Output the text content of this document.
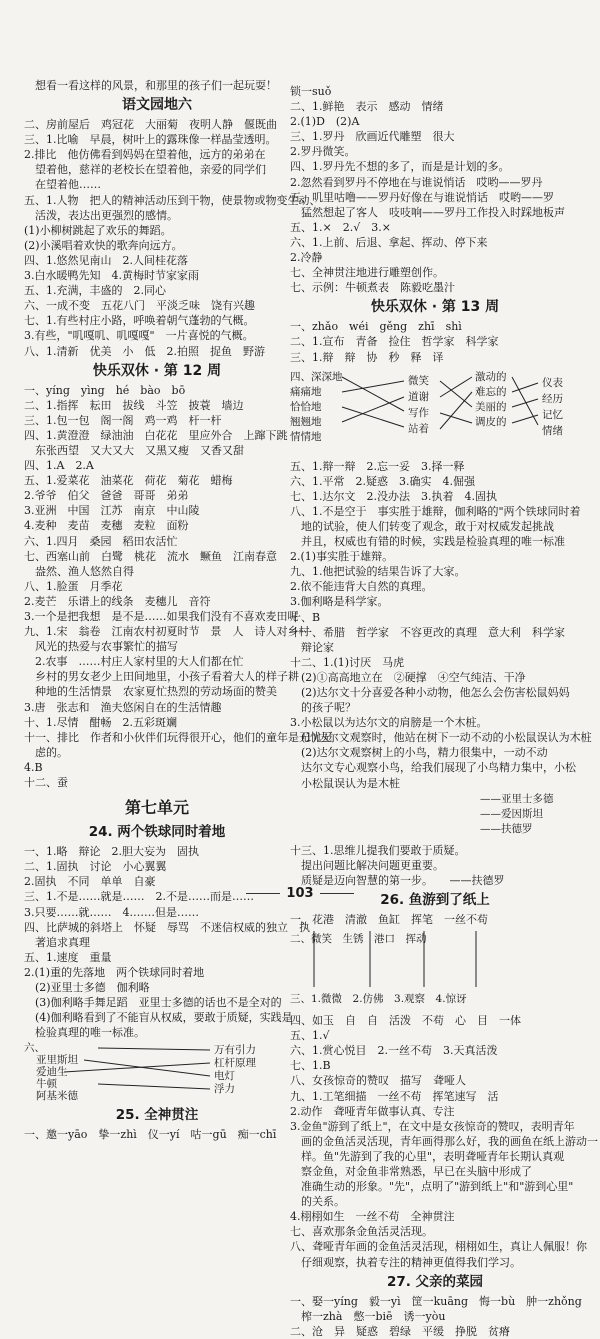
想看一看这样的风景，和那里的孩子们一起玩耍！
语文园地六
二、房前屋后　鸡冠花　大丽菊　夜明人静　偃既曲
三、1.比喻　早晨，树叶上的露珠像一样晶莹透明。
2.排比　他仿佛看到妈妈在望着他，远方的弟弟在
望着他，慈祥的老校长在望着他，亲爱的同学们
在望着他……
五、1.人物　把人的精神活动压到干物，使景物或物变生动、
活泼，表达出更强烈的感情。
(1)小柳树跳起了欢乐的舞蹈。
(2)小溪唱着欢快的歌奔向远方。
四、1.悠然见南山　2.人间桂花落
3.白水暖鸭先知　4.黄梅时节家家雨
五、1.充满，丰盛的　2.同心
六、一成不变　五花八门　平淡乏味　饶有兴趣
七、1.有些村庄小路，呼唤着朝气蓬勃的气概。
3.有些，"叽嘎叽、叽嘎嘎"　一片喜悦的气概。
八、1.清新　优美　小　低　2.拍照　捉鱼　野游
快乐双休 · 第 12 周
一、yíng　yìng　hé　bào　bō
二、1.指挥　耘田　拔线　斗笠　披蓑　墙边
三、1.包一包　阁一阁　鸡一鸡　杆一杆
四、1.黄澄澄　绿油油　白花花　里应外合　上蹿下跳
东张西望　又大又大　又黑又瘦　又香又甜
四、1.A　2.A
五、1.爱菜花　油菜花　荷花　菊花　蜡梅
2.爷爷　伯父　爸爸　哥哥　弟弟
3.亚洲　中国　江苏　南京　中山陵
4.麦种　麦苗　麦穗　麦粒　面粉
六、1.四月　桑园　稻田农活忙
七、西塞山前　白鹭　桃花　流水　鳜鱼　江南春意
盎然、渔人悠然自得
八、1.脸蛋　月季花
2.麦芒　乐谱上的线条　麦穗儿　音符
3.一个是把我想　是不是……如果我们没有不喜欢麦田呢
九、1.宋　翁卷　江南农村初夏时节　景　人　诗人对乡村
风光的热爱与农事繁忙的描写
2.农事　……村庄人家村里的大人们都在忙
乡村的男女老少上田间地里，小孩子看着大人的样子耕
种地的生活情景　农家夏忙热烈的劳动场面的赞美
3.唐　张志和　渔夫悠闲自在的生活情趣
十、1.尽情　酣畅　2.五彩斑斓
十一、排比　作者和小伙伴们玩得很开心，他们的童年是无忧无
虑的。
4.B
十二、蚕
第七单元
24. 两个铁球同时着地
一、1.略　辩论　2.胆大妄为　固执
二、1.固执　讨论　小心翼翼
2.固执　不同　单单　自豪
三、1.不是……就是……　2.不是……而是……
3.只要……就……　4.……但是……
四、比萨城的斜塔上　怀疑　辱骂　不迷信权威的独立　执
著追求真理
五、1.速度　重量
2.(1)重的先落地　两个铁球同时着地
(2)亚里士多德　伽利略
(3)伽利略手舞足蹈　亚里士多德的话也不是全对的
(4)伽利略看到了不能盲从权威，要敢于质疑，实践是
检验真理的唯一标准。
六、
亚里斯坦
爱迪生
牛顿
阿基米德
万有引力
杠杆原理
电灯
浮力
25. 全神贯注
一、邀一yāo　挚一zhì　仪一yí　咕一gū　痴一chī
锁一suǒ
二、1.鲜艳　表示　感动　情绪
2.(1)D　(2)A
三、1.罗丹　欣画近代雕塑　很大
2.罗丹微笑。
四、1.罗丹先不想的多了，而是是计划的多。
2.忽然看到罗丹不停地在与谁说悄话　哎哟——罗丹
五、叽里咕噜——罗丹好像在与谁说悄话　哎哟——罗
猛然想起了客人　吱吱响——罗丹工作投入时踩地板声
五、1.×　2.√　3.×
六、1.上前、后退、拿起、挥动、停下来
2.冷静
七、全神贯注地进行雕塑创作。
七、示例：牛顿煮表　陈毅吃墨汁
快乐双休 · 第 13 周
一、zhǎo　wéi　gěng　zhī　shì
二、1.宣布　青备　捡住　哲学家　科学家
三、1.辩　辩　协　秒　释　译
四、深深地
痛痛地
恰恰地
翘翘地
情情地
微笑
道谢
写作
站着
激动的
难忘的
美丽的
调皮的
仪表
经历
记忆
情绪
五、1.辩一辩　2.忘一妥　3.择一释
六、1.平常　2.疑惑　3.确实　4.倔强
七、1.达尔文　2.没办法　3.执着　4.固执
八、1.不是空于　事实胜于雄辩，伽利略的"两个铁球同时着
地的试验，使人们转变了观念，敢于对权威发起挑战
并且，权威也有错的时候，实践是检验真理的唯一标准
2.(1)事实胜于雄辩。
九、1.他把试验的结果告诉了大家。
2.依不能违背大自然的真理。
3.伽利略是科学家。
十、B
十一、希腊　哲学家　不容更改的真理　意大利　科学家
辩论家
十二、1.(1)讨厌　马虎
(2)①高高地立在　②硬撑　④空气纯洁、干净
(2)达尔文十分喜爱各种小动物，他怎么会伤害松鼠妈妈
的孩子呢？
3.小松鼠以为达尔文的肩膀是一个木桩。
(1)达尔文观察时，他站在树下一动不动的小松鼠误认为木桩
(2)达尔文观察树上的小鸟，精力很集中，一动不动
达尔文专心观察小鸟，给我们展现了小鸟精力集中，小松
小松鼠误认为是木桩
——亚里士多德
——爱因斯坦
——扶德罗
十三、1.思维儿提我们要敢于质疑。
提出问题比解决问题更重要。
质疑是迈向智慧的第一步。　　——扶德罗
26. 鱼游到了纸上
一、花港　清澈　鱼缸　挥笔　一丝不苟
二、微笑　生锈　港口　挥动
三、1.微微　2.仿佛　3.观察　4.惊讶
四、如玉　自　自　活泼　不苟　心　目　一体
五、1.√
六、1.赏心悦目　2.一丝不苟　3.天真活泼
七、1.B
八、女孩惊奇的赞叹　描写　聋哑人
九、1.工笔细描　一丝不苟　挥笔速写　活
2.动作　聋哑青年做事认真、专注
3.金鱼"游到了纸上"，在文中是女孩惊奇的赞叹，表明青年
画的金鱼活灵活现，青年画得那么好，我的画鱼在纸上游动一
样。鱼"先游到了我的心里"，表明聋哑青年长期认真观
察金鱼，对金鱼非常熟悉，早已在头脑中形成了
准确生动的形象。"先"，点明了"游到纸上"和"游到心里"
的关系。
4.栩栩如生　一丝不苟　全神贯注
七、喜欢那条金鱼活灵活现。
八、聋哑青年画的金鱼活灵活现，栩栩如生，真让人佩服！你
仔细观察，执着专注的精神更值得我们学习。
27. 父亲的菜园
一、娶一yíng　毅一yì　筐一kuāng　悔一bù　肿一zhǒng
榨一zhà　憋一biē　诱一yòu
二、沧　异　疑惑　碧绿　平缓　挣脱　贫瘠
103
